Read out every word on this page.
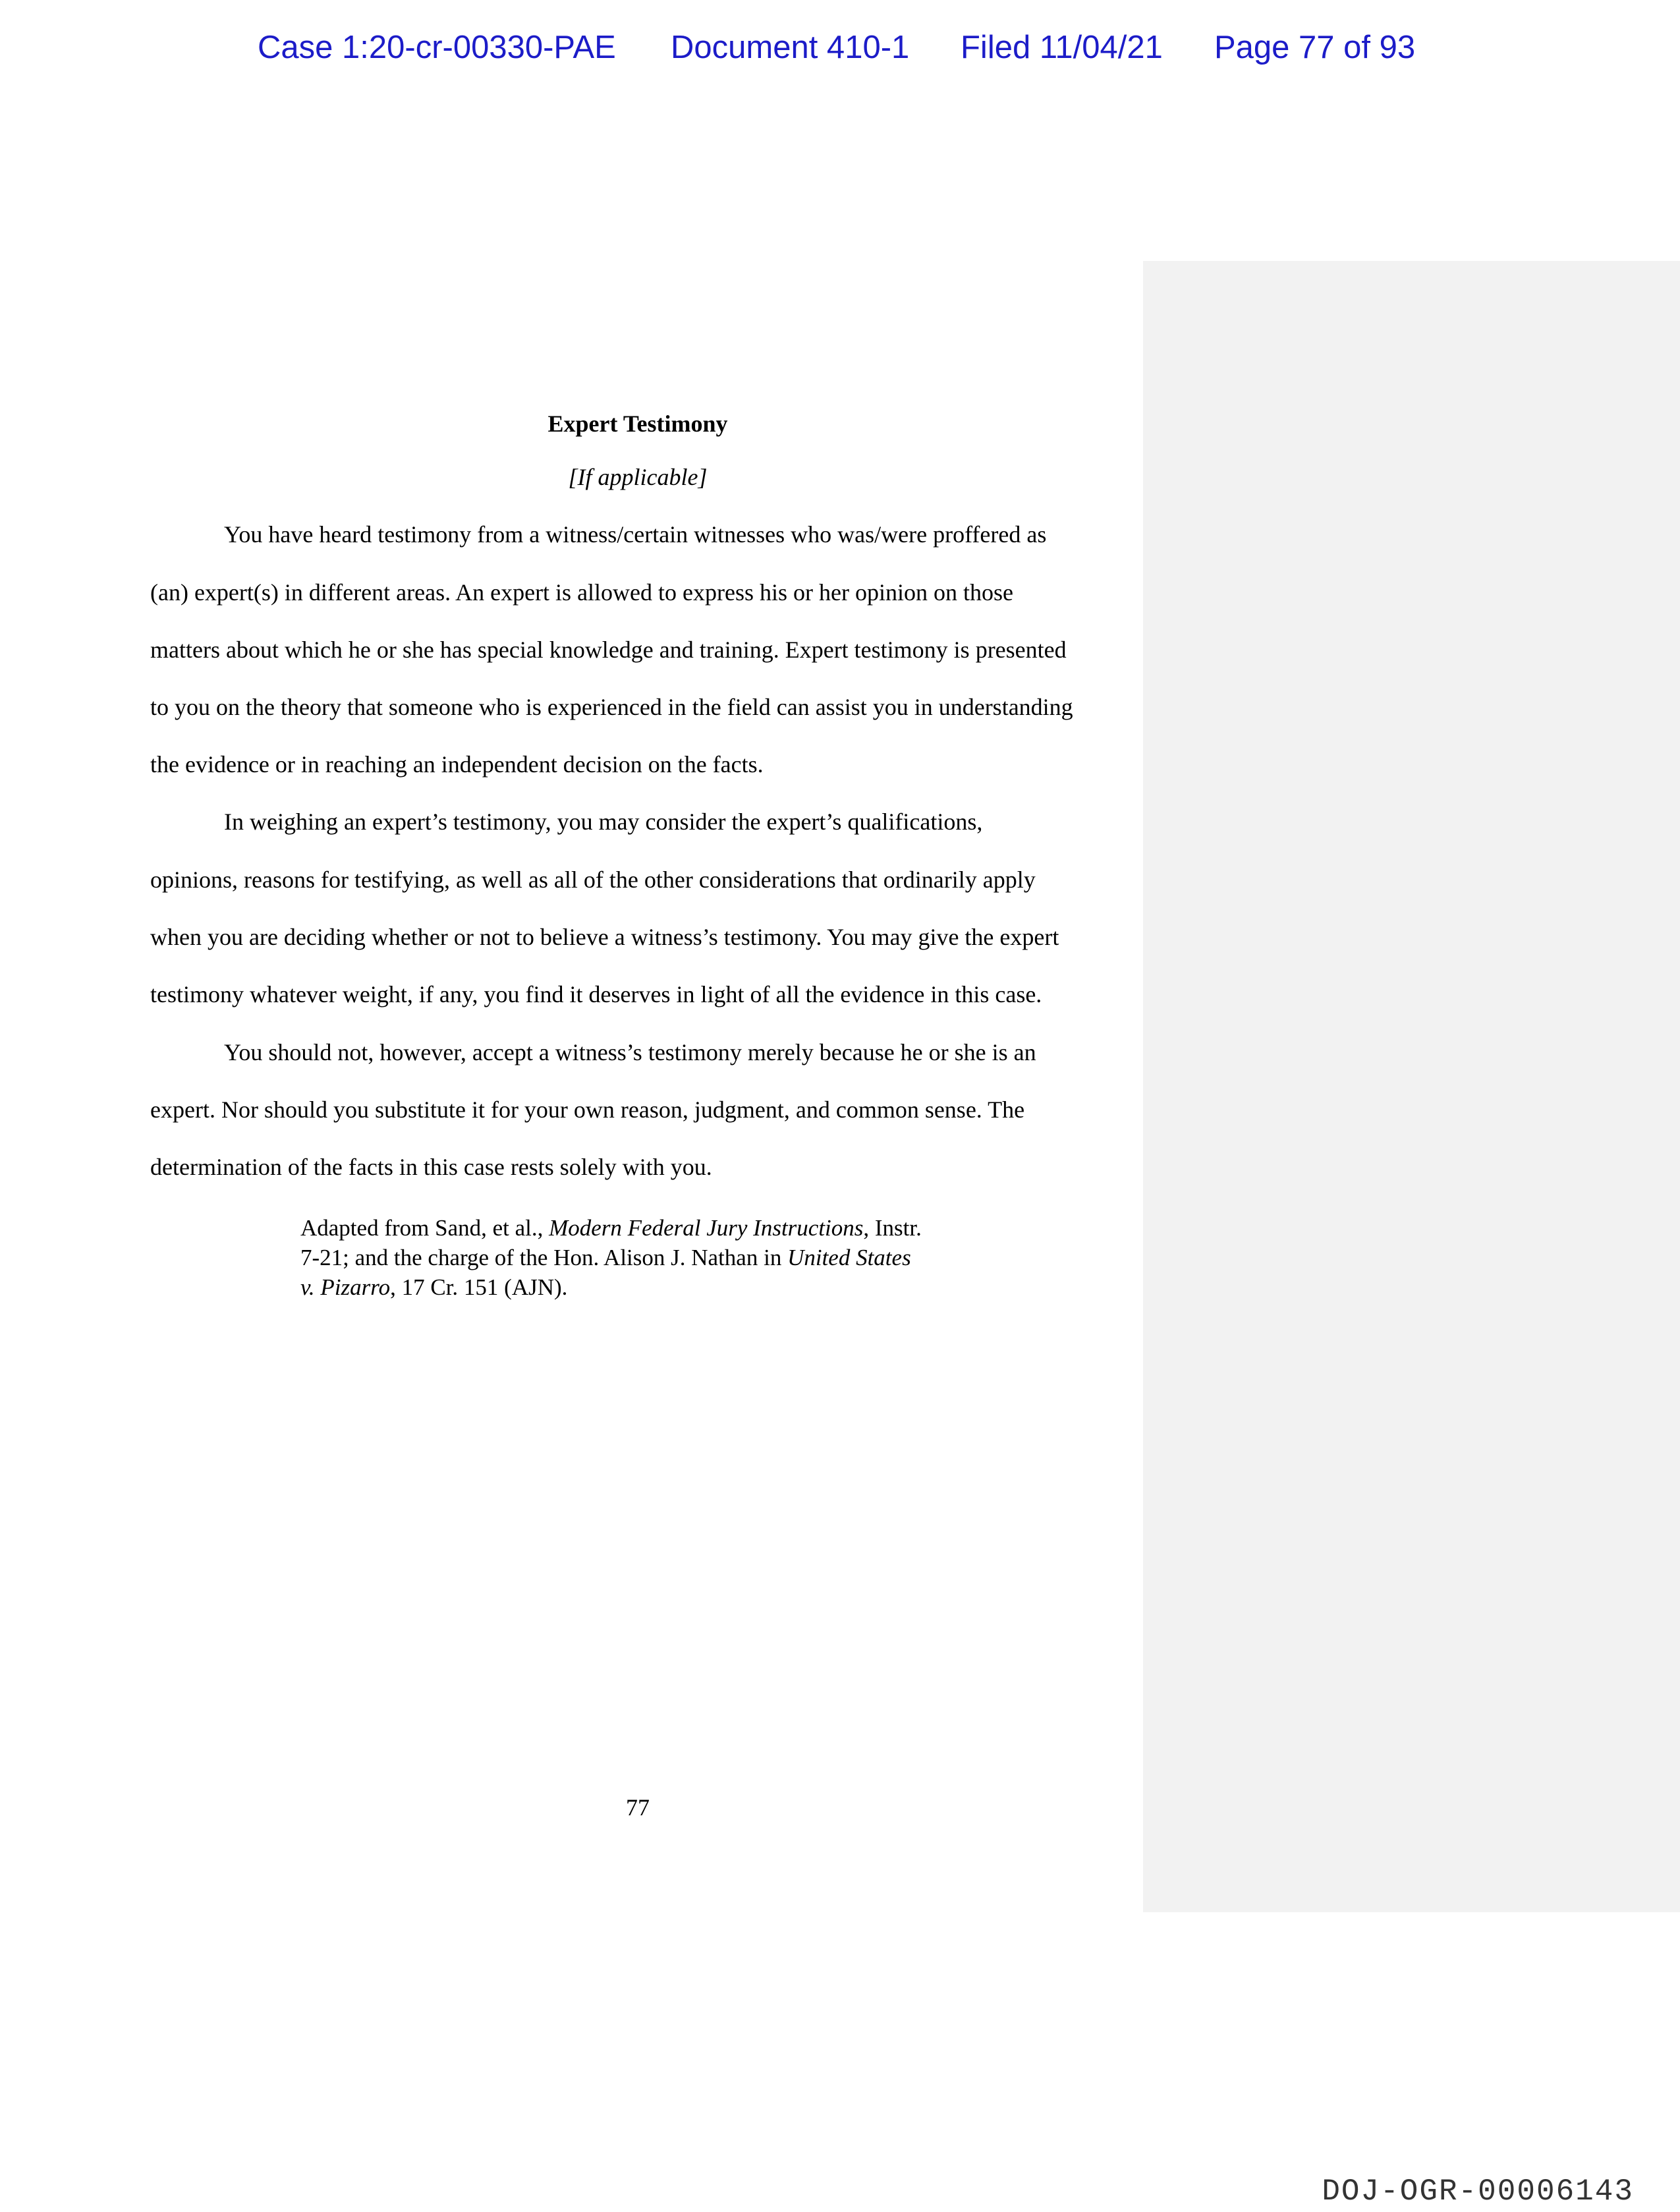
Case 1:20-cr-00330-PAE Document 410-1 Filed 11/04/21 Page 77 of 93
Expert Testimony
[If applicable]
You have heard testimony from a witness/certain witnesses who was/were proffered as
(an) expert(s) in different areas. An expert is allowed to express his or her opinion on those
matters about which he or she has special knowledge and training. Expert testimony is presented
to you on the theory that someone who is experienced in the field can assist you in understanding
the evidence or in reaching an independent decision on the facts.
In weighing an expert’s testimony, you may consider the expert’s qualifications,
opinions, reasons for testifying, as well as all of the other considerations that ordinarily apply
when you are deciding whether or not to believe a witness’s testimony. You may give the expert
testimony whatever weight, if any, you find it deserves in light of all the evidence in this case.
You should not, however, accept a witness’s testimony merely because he or she is an
expert. Nor should you substitute it for your own reason, judgment, and common sense. The
determination of the facts in this case rests solely with you.
Adapted from Sand, et al., Modern Federal Jury Instructions, Instr.
7-21; and the charge of the Hon. Alison J. Nathan in United States
v. Pizarro, 17 Cr. 151 (AJN).
77
DOJ-OGR-00006143
